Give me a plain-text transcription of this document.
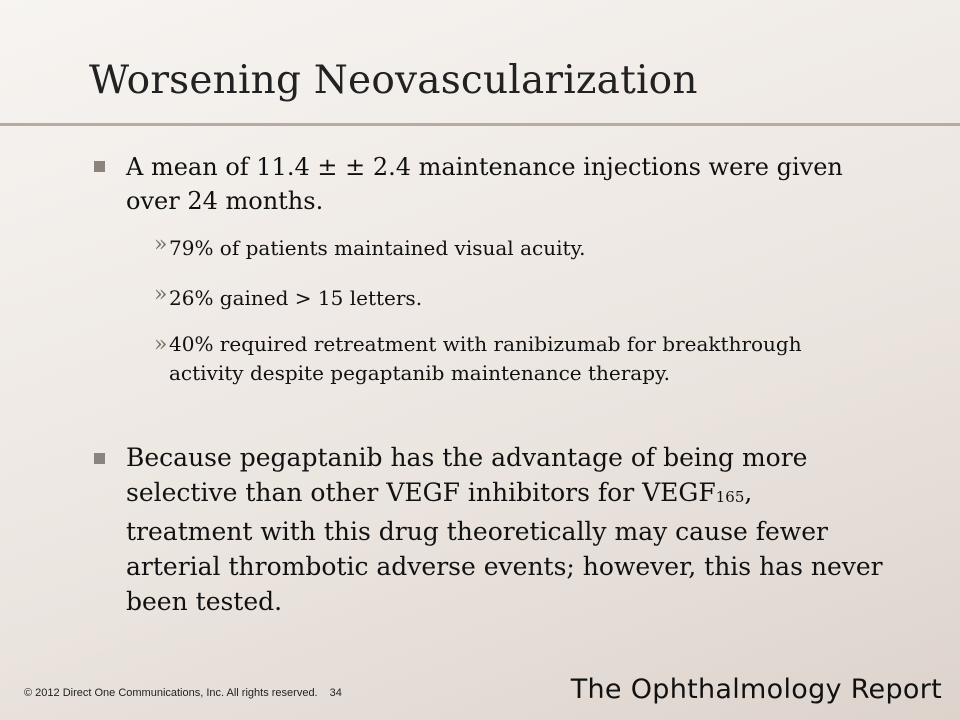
Worsening Neovascularization
A mean of 11.4 ± ± 2.4 maintenance injections were given over 24 months.
» 79% of patients maintained visual acuity.
» 26% gained > 15 letters.
» 40% required retreatment with ranibizumab for breakthrough activity despite pegaptanib maintenance therapy.
Because pegaptanib has the advantage of being more selective than other VEGF inhibitors for $VEGF_{165}$, treatment with this drug theoretically may cause fewer arterial thrombotic adverse events; however, this has never been tested.
© 2012 Direct One Communications, Inc. All rights reserved. 34	The Ophthalmology Report
